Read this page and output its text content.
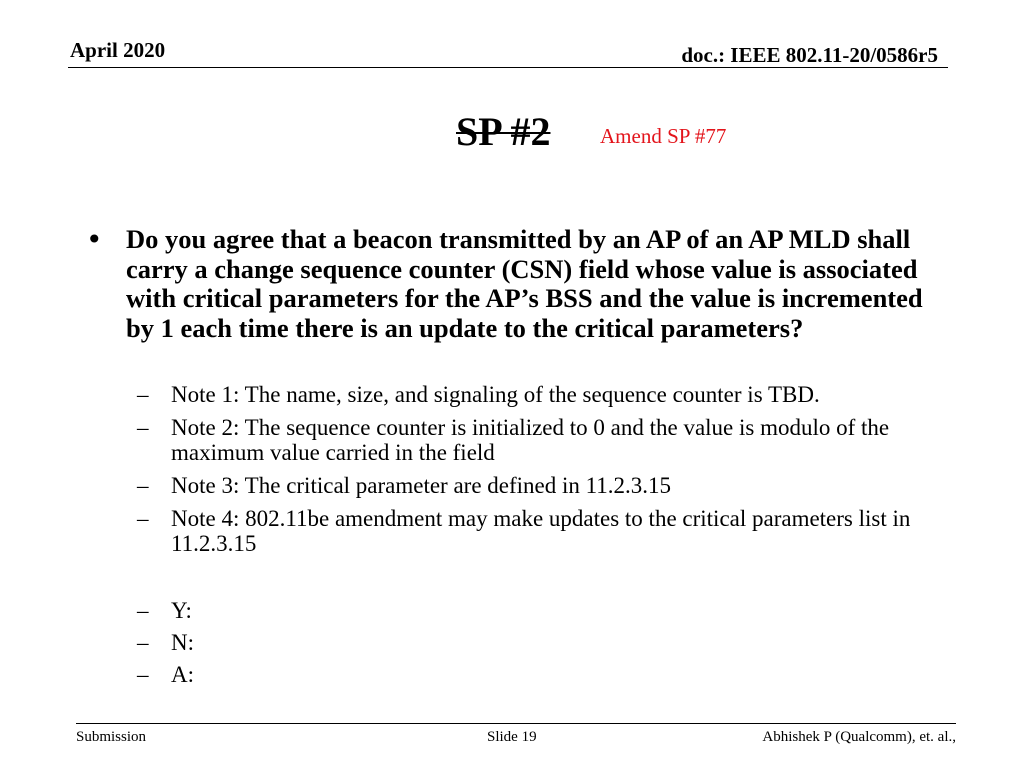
April 2020	doc.: IEEE 802.11-20/0586r5
SP #2 Amend SP #77
• Do you agree that a beacon transmitted by an AP of an AP MLD shall carry a change sequence counter (CSN) field whose value is associated with critical parameters for the AP’s BSS and the value is incremented by 1 each time there is an update to the critical parameters?
– Note 1: The name, size, and signaling of the sequence counter is TBD.
– Note 2: The sequence counter is initialized to 0 and the value is modulo of the maximum value carried in the field
– Note 3: The critical parameter are defined in 11.2.3.15
– Note 4: 802.11be amendment may make updates to the critical parameters list in 11.2.3.15
– Y:
– N:
– A:
Submission	Slide 19	Abhishek P (Qualcomm), et. al.,
